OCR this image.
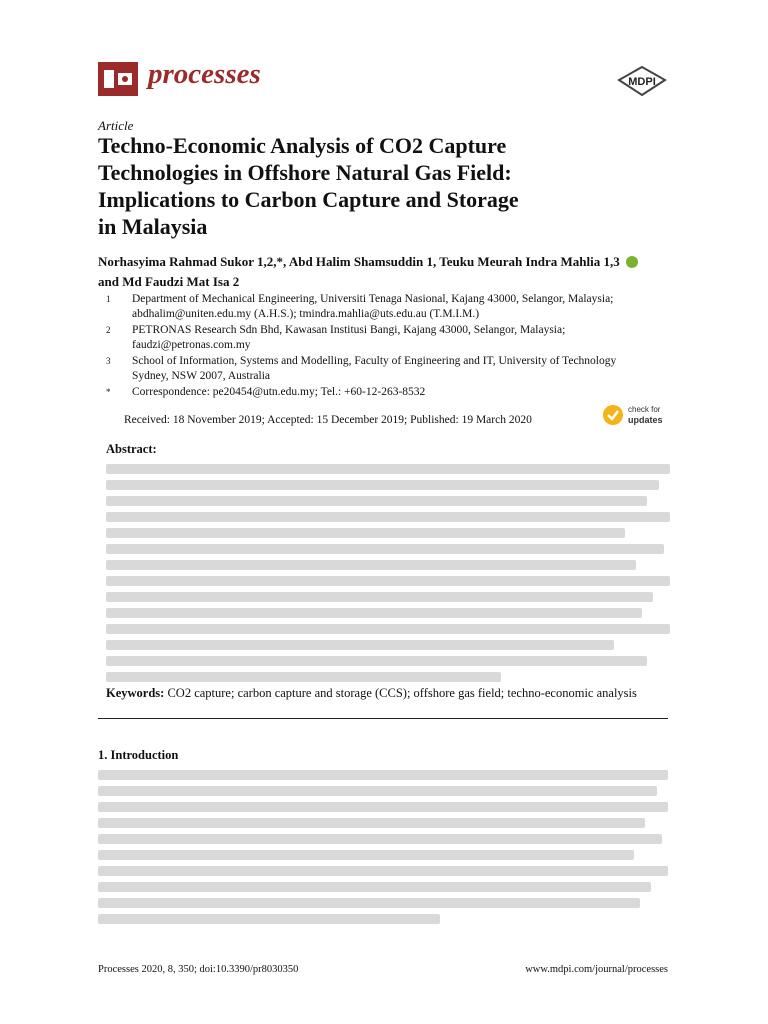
processes	MDPI
Article
Techno-Economic Analysis of CO2 Capture
Technologies in Offshore Natural Gas Field:
Implications to Carbon Capture and Storage
in Malaysia
Norhasyima Rahmad Sukor 1,2,*, Abd Halim Shamsuddin 1, Teuku Meurah Indra Mahlia 1,3
and Md Faudzi Mat Isa 2
1	Department of Mechanical Engineering, Universiti Tenaga Nasional, Kajang 43000, Selangor, Malaysia;
abdhalim@uniten.edu.my (A.H.S.); tmindra.mahlia@uts.edu.au (T.M.I.M.)
2	PETRONAS Research Sdn Bhd, Kawasan Institusi Bangi, Kajang 43000, Selangor, Malaysia;
faudzi@petronas.com.my
3	School of Information, Systems and Modelling, Faculty of Engineering and IT, University of Technology
Sydney, NSW 2007, Australia
*	Correspondence: pe20454@utn.edu.my; Tel.: +60-12-263-8532
Received: 18 November 2019; Accepted: 15 December 2019; Published: 19 March 2020
check for
updates
Abstract:
Keywords: CO2 capture; carbon capture and storage (CCS); offshore gas field; techno-economic analysis
1. Introduction
Processes 2020, 8, 350; doi:10.3390/pr8030350	www.mdpi.com/journal/processes
